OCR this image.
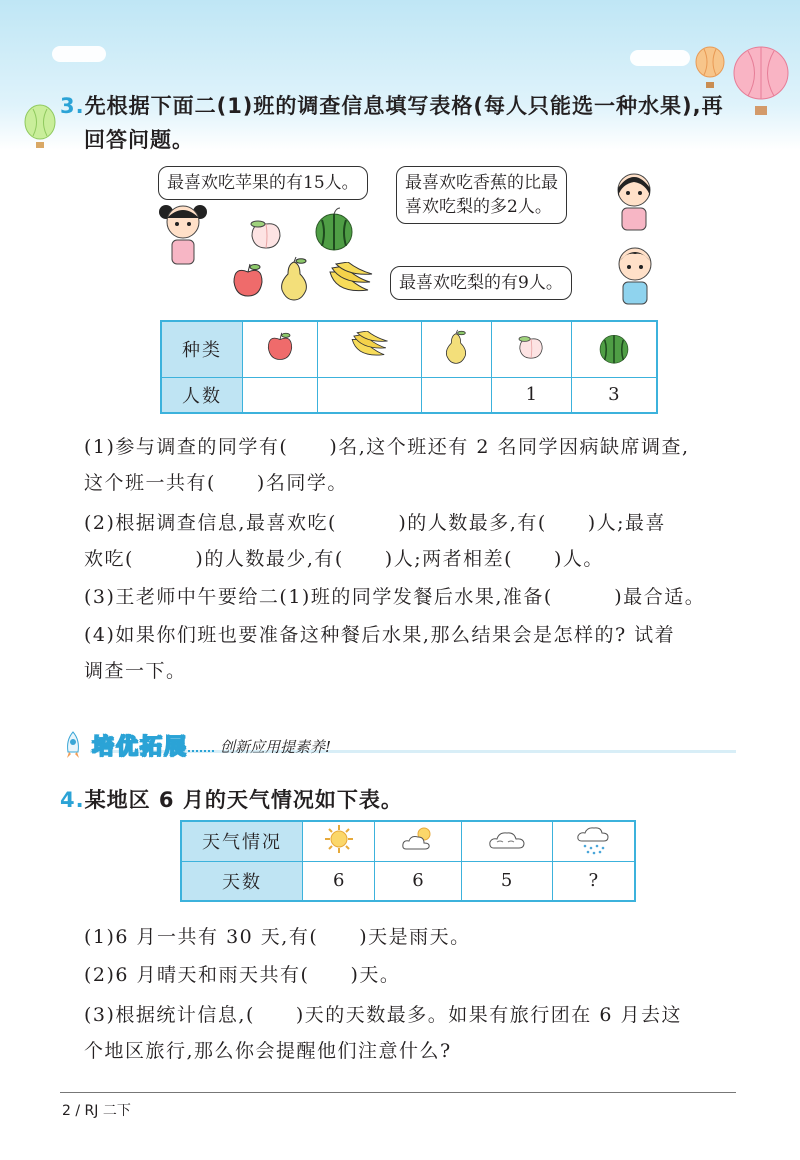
3.先根据下面二(1)班的调查信息填写表格(每人只能选一种水果),再
回答问题。
最喜欢吃苹果的有15人。	最喜欢吃香蕉的比最
喜欢吃梨的多2人。
最喜欢吃梨的有9人。
种类					
人数				1	3
(1)参与调查的同学有(　　)名,这个班还有 2 名同学因病缺席调查,
这个班一共有(　　)名同学。
(2)根据调查信息,最喜欢吃(　　　)的人数最多,有(　　)人;最喜
欢吃(　　　)的人数最少,有(　　)人;两者相差(　　)人。
(3)王老师中午要给二(1)班的同学发餐后水果,准备(　　　)最合适。
(4)如果你们班也要准备这种餐后水果,那么结果会是怎样的? 试着
调查一下。
培优拓展 创新应用提素养!
4.某地区 6 月的天气情况如下表。
天气情况				
天数	6	6	5	?
(1)6 月一共有 30 天,有(　　)天是雨天。
(2)6 月晴天和雨天共有(　　)天。
(3)根据统计信息,(　　)天的天数最多。如果有旅行团在 6 月去这
个地区旅行,那么你会提醒他们注意什么?
2 / RJ 二下
